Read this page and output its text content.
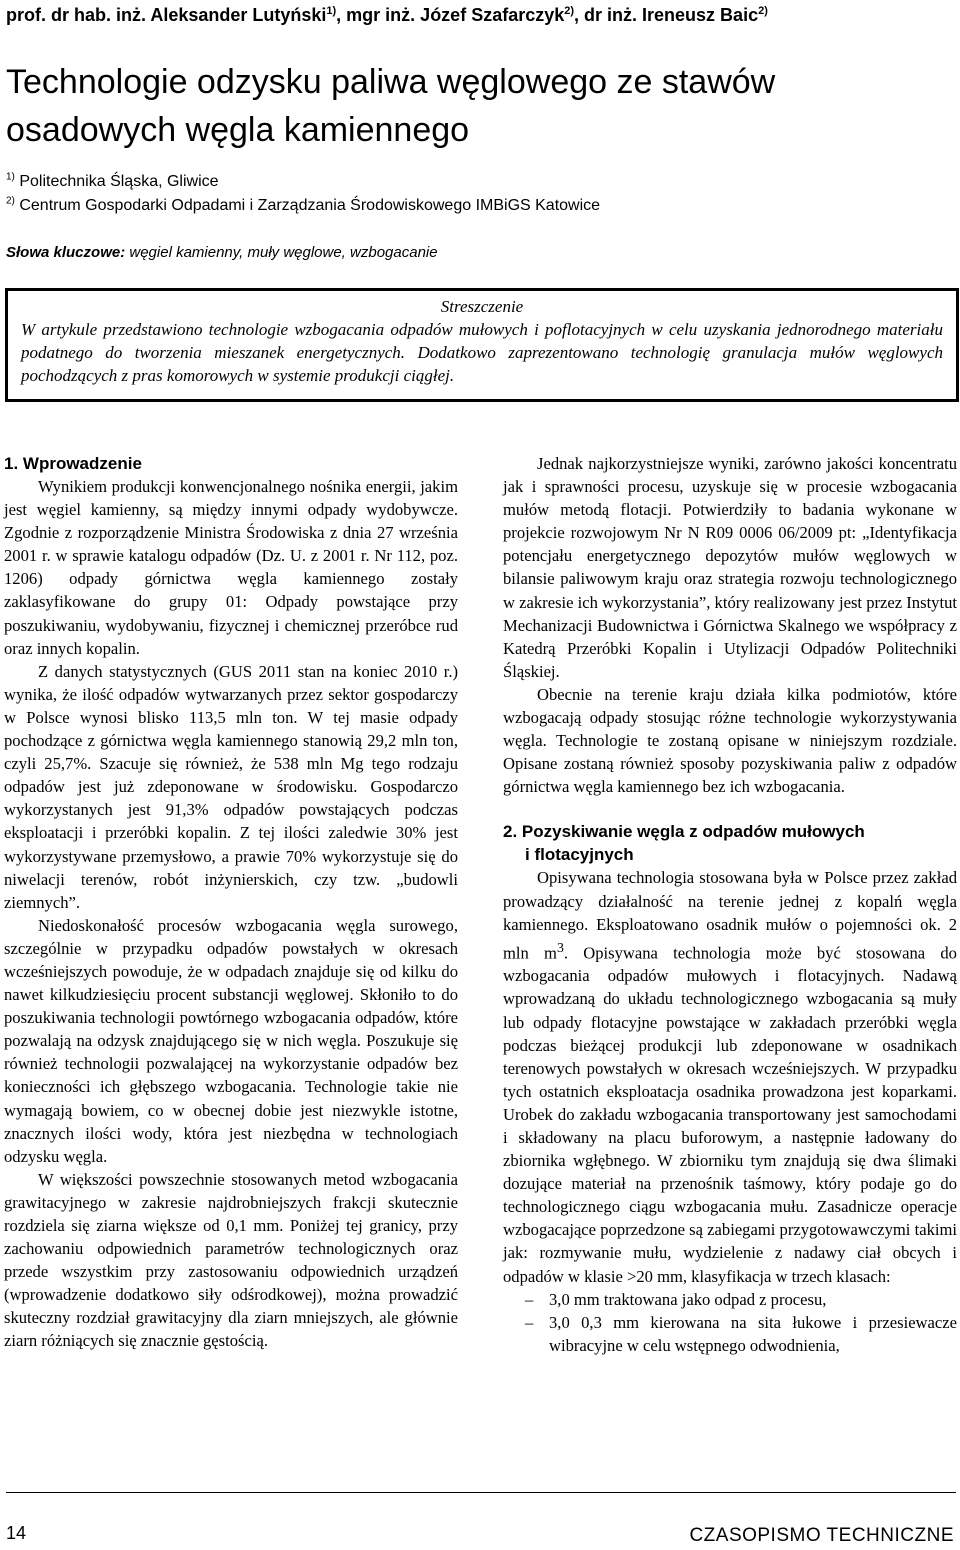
prof. dr hab. inż. Aleksander Lutyński$^{1)}$, mgr inż. Józef Szafarczyk$^{2)}$, dr inż. Ireneusz Baic$^{2)}$
Technologie odzysku paliwa węglowego ze stawów
osadowych węgla kamiennego
$^{1)}$ Politechnika Śląska, Gliwice
$^{2)}$ Centrum Gospodarki Odpadami i Zarządzania Środowiskowego IMBiGS Katowice
Słowa kluczowe: węgiel kamienny, muły węglowe, wzbogacanie
Streszczenie
W artykule przedstawiono technologie wzbogacania odpadów mułowych i poflotacyjnych w celu uzyskania jednorodnego materiału podatnego do tworzenia mieszanek energetycznych. Dodatkowo zaprezentowano technologię granulacja mułów węglowych pochodzących z pras komorowych w systemie produkcji ciągłej.
1. Wprowadzenie

Wynikiem produkcji konwencjonalnego nośnika energii, jakim jest węgiel kamienny, są między innymi odpady wydobywcze. Zgodnie z rozporządzenie Ministra Środowiska z dnia 27 września 2001 r. w sprawie katalogu odpadów (Dz. U. z 2001 r. Nr 112, poz. 1206) odpady górnictwa węgla kamiennego zostały zaklasyfikowane do grupy 01: Odpady powstające przy poszukiwaniu, wydobywaniu, fizycznej i chemicznej przeróbce rud oraz innych kopalin.

Z danych statystycznych (GUS 2011 stan na koniec 2010 r.) wynika, że ilość odpadów wytwarzanych przez sektor gospodarczy w Polsce wynosi blisko 113,5 mln ton. W tej masie odpady pochodzące z górnictwa węgla kamiennego stanowią 29,2 mln ton, czyli 25,7%. Szacuje się również, że 538 mln Mg tego rodzaju odpadów jest już zdeponowane w środowisku. Gospodarczo wykorzystanych jest 91,3% odpadów powstających podczas eksploatacji i przeróbki kopalin. Z tej ilości zaledwie 30% jest wykorzystywane przemysłowo, a prawie 70% wykorzystuje się do niwelacji terenów, robót inżynierskich, czy tzw. „budowli ziemnych”.

Niedoskonałość procesów wzbogacania węgla surowego, szczególnie w przypadku odpadów powstałych w okresach wcześniejszych powoduje, że w odpadach znajduje się od kilku do nawet kilkudziesięciu procent substancji węglowej. Skłoniło to do poszukiwania technologii powtórnego wzbogacania odpadów, które pozwalają na odzysk znajdującego się w nich węgla. Poszukuje się również technologii pozwalającej na wykorzystanie odpadów bez konieczności ich głębszego wzbogacania. Technologie takie nie wymagają bowiem, co w obecnej dobie jest niezwykle istotne, znacznych ilości wody, która jest niezbędna w technologiach odzysku węgla.

W większości powszechnie stosowanych metod wzbogacania grawitacyjnego w zakresie najdrobniejszych frakcji skutecznie rozdziela się ziarna większe od 0,1 mm. Poniżej tej granicy, przy zachowaniu odpowiednich parametrów technologicznych oraz przede wszystkim przy zastosowaniu odpowiednich urządzeń (wprowadzenie dodatkowo siły odśrodkowej), można prowadzić skuteczny rozdział grawitacyjny dla ziarn mniejszych, ale głównie ziarn różniących się znacznie gęstością.

Jednak najkorzystniejsze wyniki, zarówno jakości koncentratu jak i sprawności procesu, uzyskuje się w procesie wzbogacania mułów metodą flotacji. Potwierdziły to badania wykonane w projekcie rozwojowym Nr N R09 0006 06/2009 pt: „Identyfikacja potencjału energetycznego depozytów mułów węglowych w bilansie paliwowym kraju oraz strategia rozwoju technologicznego w zakresie ich wykorzystania”, który realizowany jest przez Instytut Mechanizacji Budownictwa i Górnictwa Skalnego we współpracy z Katedrą Przeróbki Kopalin i Utylizacji Odpadów Politechniki Śląskiej.

Obecnie na terenie kraju działa kilka podmiotów, które wzbogacają odpady stosując różne technologie wykorzystywania węgla. Technologie te zostaną opisane w niniejszym rozdziale. Opisane zostaną również sposoby pozyskiwania paliw z odpadów górnictwa węgla kamiennego bez ich wzbogacania.

2. Pozyskiwanie węgla z odpadów mułowych
i flotacyjnych

Opisywana technologia stosowana była w Polsce przez zakład prowadzący działalność na terenie jednej z kopalń węgla kamiennego. Eksploatowano osadnik mułów o pojemności ok. 2 mln $m^3$. Opisywana technologia może być stosowana do wzbogacania odpadów mułowych i flotacyjnych. Nadawą wprowadzaną do układu technologicznego wzbogacania są muły lub odpady flotacyjne powstające w zakładach przeróbki węgla podczas bieżącej produkcji lub zdeponowane w osadnikach terenowych powstałych w okresach wcześniejszych. W przypadku tych ostatnich eksploatacja osadnika prowadzona jest koparkami. Urobek do zakładu wzbogacania transportowany jest samochodami i składowany na placu buforowym, a następnie ładowany do zbiornika wgłębnego. W zbiorniku tym znajdują się dwa ślimaki dozujące materiał na przenośnik taśmowy, który podaje go do technologicznego ciągu wzbogacania mułu. Zasadnicze operacje wzbogacające poprzedzone są zabiegami przygotowawczymi takimi jak: rozmywanie mułu, wydzielenie z nadawy ciał obcych i odpadów w klasie >20 mm, klasyfikacja w trzech klasach:

– 3,0 mm traktowana jako odpad z procesu,
– 3,0 0,3 mm kierowana na sita łukowe i przesiewacze wibracyjne w celu wstępnego odwodnienia,
14	CZASOPISMO TECHNICZNE
